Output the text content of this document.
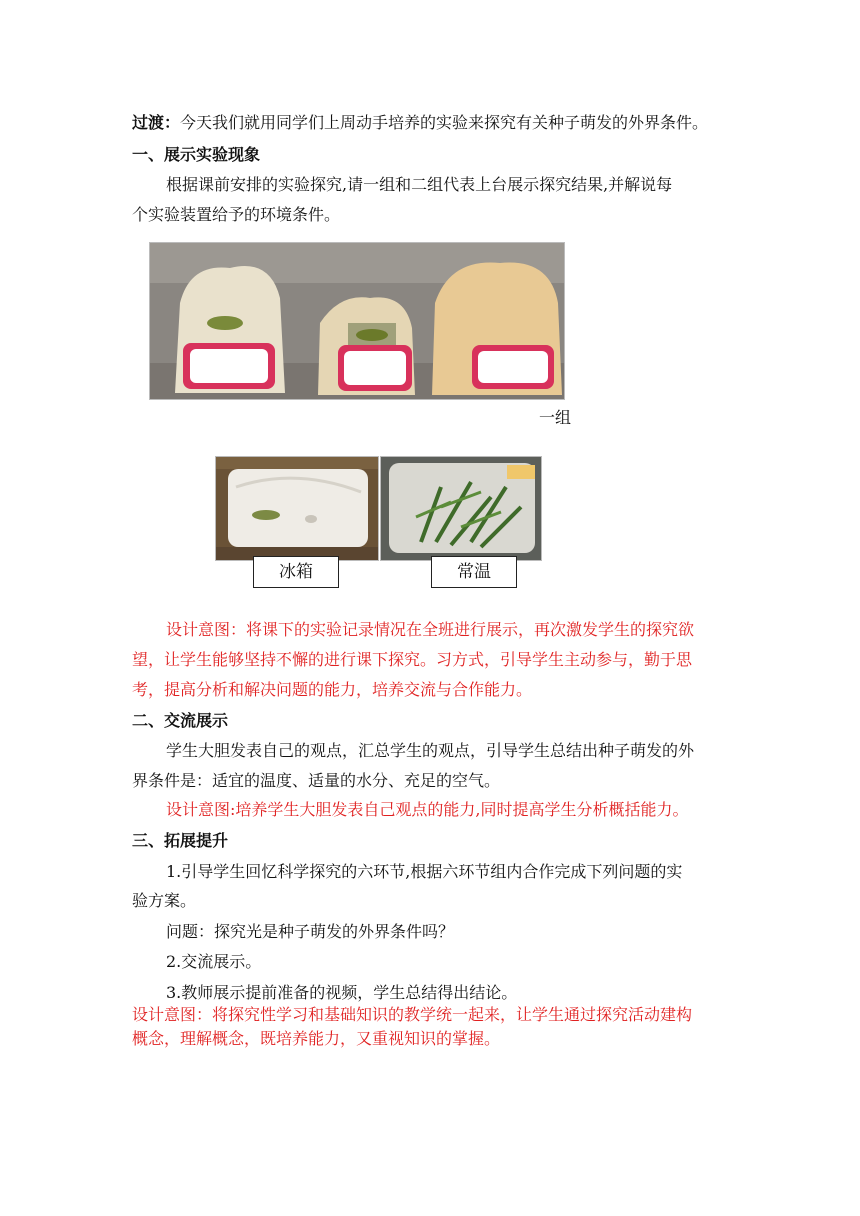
过渡：今天我们就用同学们上周动手培养的实验来探究有关种子萌发的外界条件。
一、展示实验现象
根据课前安排的实验探究,请一组和二组代表上台展示探究结果,并解说每
个实验装置给予的环境条件。
一组
冰箱	常温
设计意图：将课下的实验记录情况在全班进行展示，再次激发学生的探究欲
望，让学生能够坚持不懈的进行课下探究。习方式，引导学生主动参与，勤于思
考，提高分析和解决问题的能力，培养交流与合作能力。
二、交流展示
学生大胆发表自己的观点，汇总学生的观点，引导学生总结出种子萌发的外
界条件是：适宜的温度、适量的水分、充足的空气。
设计意图:培养学生大胆发表自己观点的能力,同时提高学生分析概括能力。
三、拓展提升
1.引导学生回忆科学探究的六环节,根据六环节组内合作完成下列问题的实
验方案。
问题：探究光是种子萌发的外界条件吗？
2.交流展示。
3.教师展示提前准备的视频，学生总结得出结论。
设计意图：将探究性学习和基础知识的教学统一起来，让学生通过探究活动建构
概念，理解概念，既培养能力，又重视知识的掌握。
